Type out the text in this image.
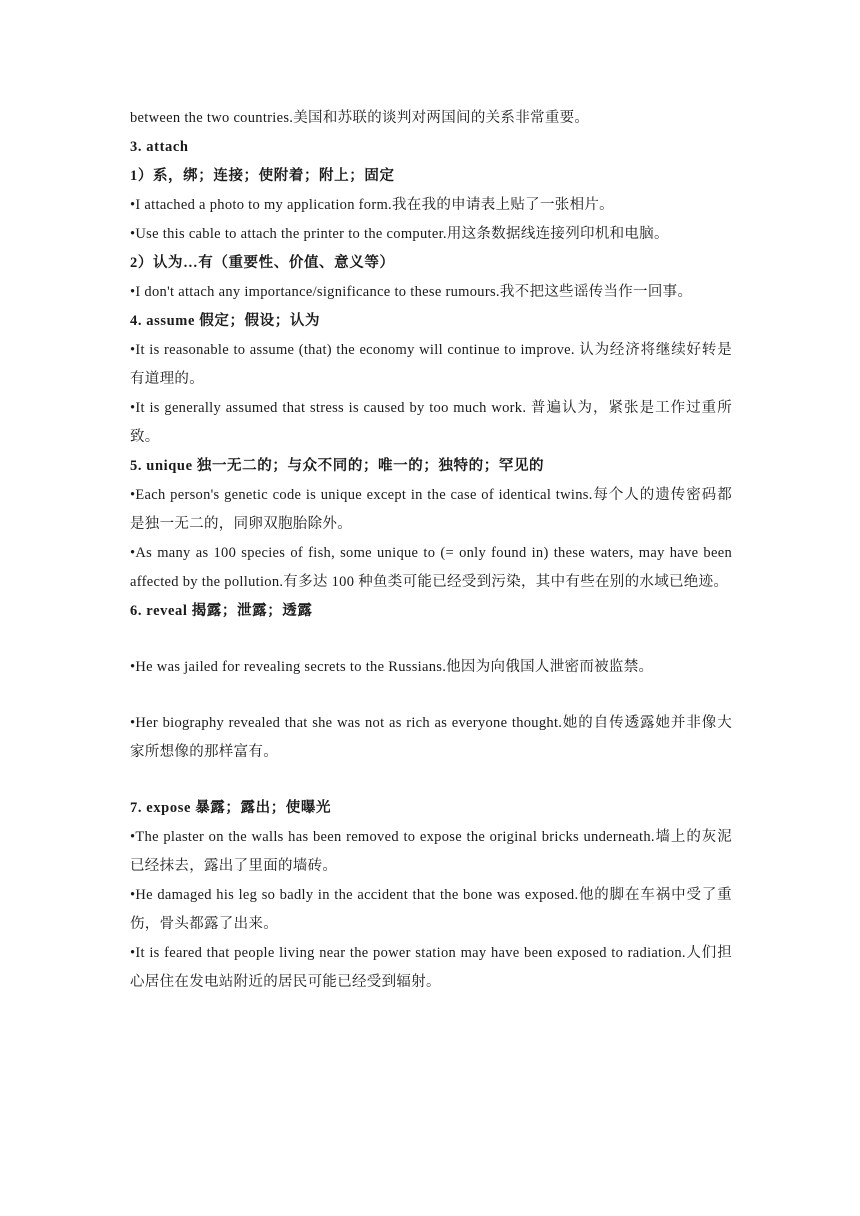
between the two countries.美国和苏联的谈判对两国间的关系非常重要。

3. attach

1）系，绑；连接；使附着；附上；固定

•I attached a photo to my application form.我在我的申请表上贴了一张相片。

•Use this cable to attach the printer to the computer.用这条数据线连接列印机和电脑。

2）认为…有（重要性、价值、意义等）

•I don't attach any importance/significance to these rumours.我不把这些谣传当作一回事。

4. assume 假定；假设；认为

•It is reasonable to assume (that) the economy will continue to improve. 认为经济将继续好转是有道理的。

•It is generally assumed that stress is caused by too much work. 普遍认为，紧张是工作过重所致。

5. unique 独一无二的；与众不同的；唯一的；独特的；罕见的

•Each person's genetic code is unique except in the case of identical twins.每个人的遗传密码都是独一无二的，同卵双胞胎除外。

•As many as 100 species of fish, some unique to (= only found in) these waters, may have been affected by the pollution.有多达 100 种鱼类可能已经受到污染，其中有些在别的水域已绝迹。

6. reveal 揭露；泄露；透露

•He was jailed for revealing secrets to the Russians.他因为向俄国人泄密而被监禁。

•Her biography revealed that she was not as rich as everyone thought.她的自传透露她并非像大家所想像的那样富有。

7. expose 暴露；露出；使曝光

•The plaster on the walls has been removed to expose the original bricks underneath.墙上的灰泥已经抹去，露出了里面的墙砖。

•He damaged his leg so badly in the accident that the bone was exposed.他的脚在车祸中受了重伤，骨头都露了出来。

•It is feared that people living near the power station may have been exposed to radiation.人们担心居住在发电站附近的居民可能已经受到辐射。
